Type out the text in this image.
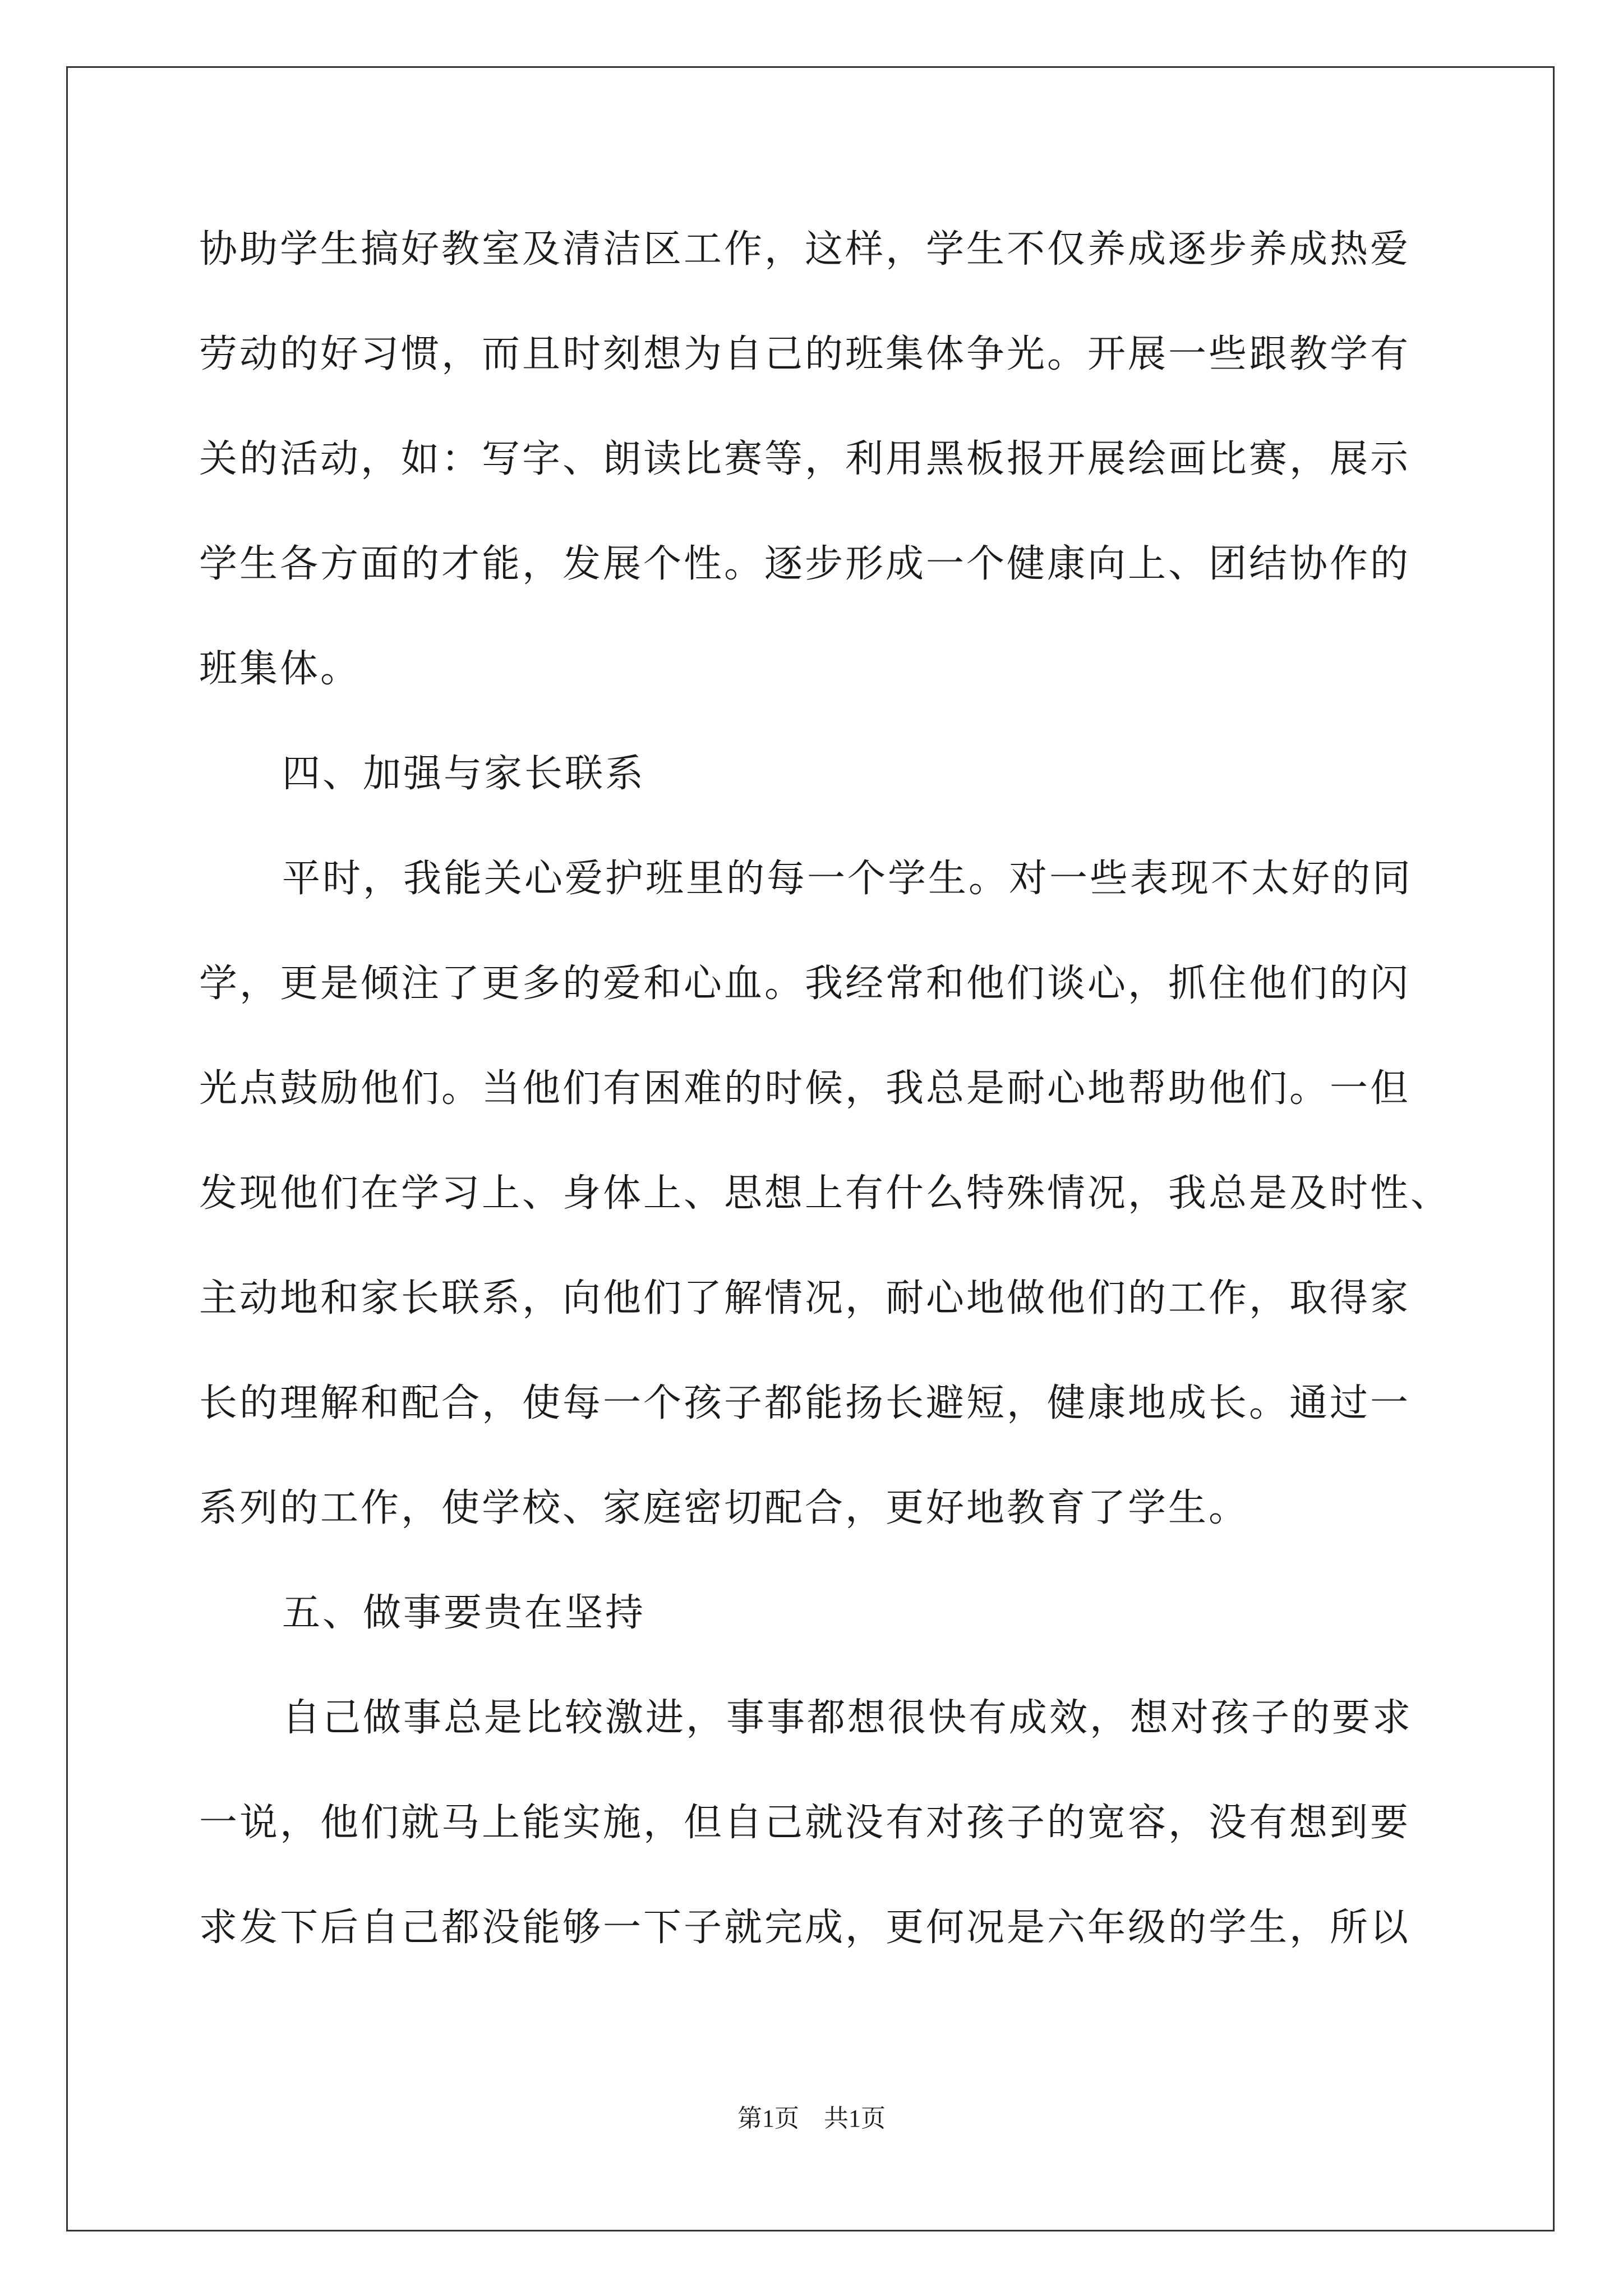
协助学生搞好教室及清洁区工作，这样，学生不仅养成逐步养成热爱
劳动的好习惯，而且时刻想为自己的班集体争光。开展一些跟教学有
关的活动，如：写字、朗读比赛等，利用黑板报开展绘画比赛，展示
学生各方面的才能，发展个性。逐步形成一个健康向上、团结协作的
班集体。
四、加强与家长联系
平时，我能关心爱护班里的每一个学生。对一些表现不太好的同
学，更是倾注了更多的爱和心血。我经常和他们谈心，抓住他们的闪
光点鼓励他们。当他们有困难的时候，我总是耐心地帮助他们。一但
发现他们在学习上、身体上、思想上有什么特殊情况，我总是及时性、
主动地和家长联系，向他们了解情况，耐心地做他们的工作，取得家
长的理解和配合，使每一个孩子都能扬长避短，健康地成长。通过一
系列的工作，使学校、家庭密切配合，更好地教育了学生。
五、做事要贵在坚持
自己做事总是比较激进，事事都想很快有成效，想对孩子的要求
一说，他们就马上能实施，但自己就没有对孩子的宽容，没有想到要
求发下后自己都没能够一下子就完成，更何况是六年级的学生，所以
第1页　共1页
